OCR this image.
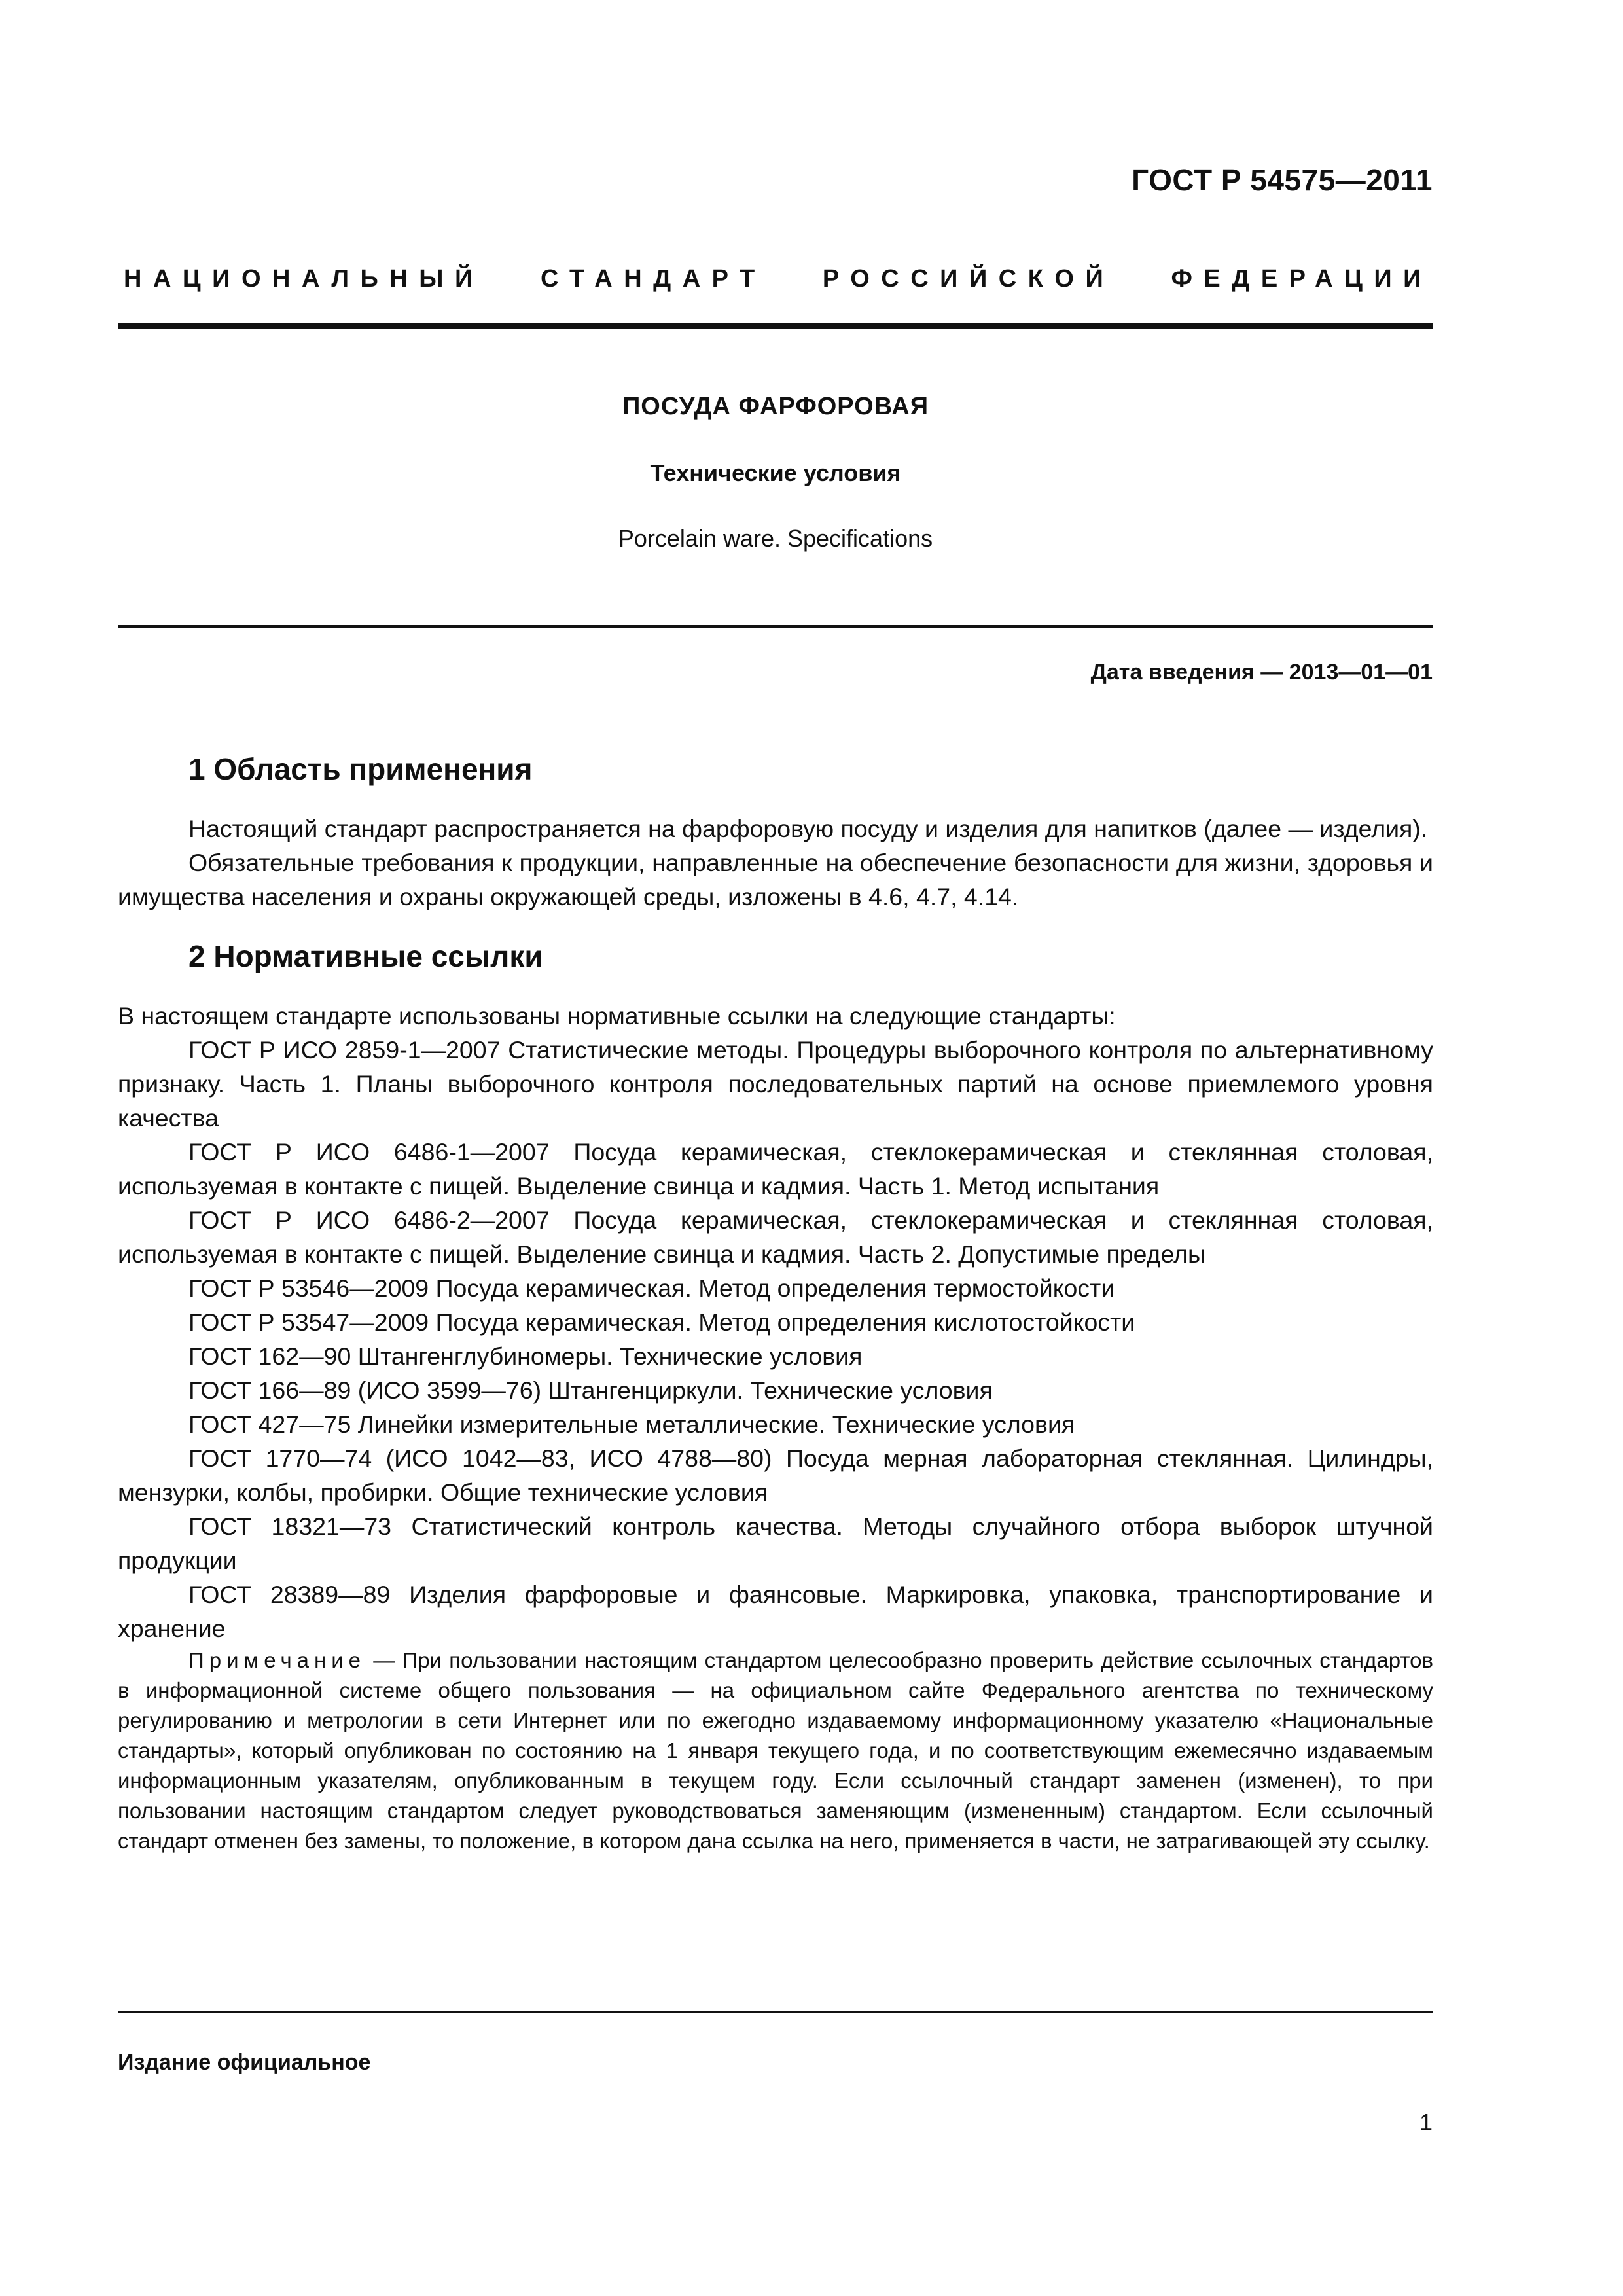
ГОСТ Р 54575—2011
НАЦИОНАЛЬНЫЙ СТАНДАРТ РОССИЙСКОЙ ФЕДЕРАЦИИ
ПОСУДА ФАРФОРОВАЯ
Технические условия
Porcelain ware. Specifications
Дата введения — 2013—01—01
1 Область применения

Настоящий стандарт распространяется на фарфоровую посуду и изделия для напитков (далее — изделия).

Обязательные требования к продукции, направленные на обеспечение безопасности для жизни, здоровья и имущества населения и охраны окружающей среды, изложены в 4.6, 4.7, 4.14.

2 Нормативные ссылки

В настоящем стандарте использованы нормативные ссылки на следующие стандарты:

ГОСТ Р ИСО 2859-1—2007 Статистические методы. Процедуры выборочного контроля по альтернативному признаку. Часть 1. Планы выборочного контроля последовательных партий на основе приемлемого уровня качества

ГОСТ Р ИСО 6486-1—2007 Посуда керамическая, стеклокерамическая и стеклянная столовая, используемая в контакте с пищей. Выделение свинца и кадмия. Часть 1. Метод испытания

ГОСТ Р ИСО 6486-2—2007 Посуда керамическая, стеклокерамическая и стеклянная столовая, используемая в контакте с пищей. Выделение свинца и кадмия. Часть 2. Допустимые пределы

ГОСТ Р 53546—2009 Посуда керамическая. Метод определения термостойкости

ГОСТ Р 53547—2009 Посуда керамическая. Метод определения кислотостойкости

ГОСТ 162—90 Штангенглубиномеры. Технические условия

ГОСТ 166—89 (ИСО 3599—76) Штангенциркули. Технические условия

ГОСТ 427—75 Линейки измерительные металлические. Технические условия

ГОСТ 1770—74 (ИСО 1042—83, ИСО 4788—80) Посуда мерная лабораторная стеклянная. Цилиндры, мензурки, колбы, пробирки. Общие технические условия

ГОСТ 18321—73 Статистический контроль качества. Методы случайного отбора выборок штучной продукции

ГОСТ 28389—89 Изделия фарфоровые и фаянсовые. Маркировка, упаковка, транспортирование и хранение

Примечание — При пользовании настоящим стандартом целесообразно проверить действие ссылочных стандартов в информационной системе общего пользования — на официальном сайте Федерального агентства по техническому регулированию и метрологии в сети Интернет или по ежегодно издаваемому информационному указателю «Национальные стандарты», который опубликован по состоянию на 1 января текущего года, и по соответствующим ежемесячно издаваемым информационным указателям, опубликованным в текущем году. Если ссылочный стандарт заменен (изменен), то при пользовании настоящим стандартом следует руководствоваться заменяющим (измененным) стандартом. Если ссылочный стандарт отменен без замены, то положение, в котором дана ссылка на него, применяется в части, не затрагивающей эту ссылку.

Издание официальное
1
